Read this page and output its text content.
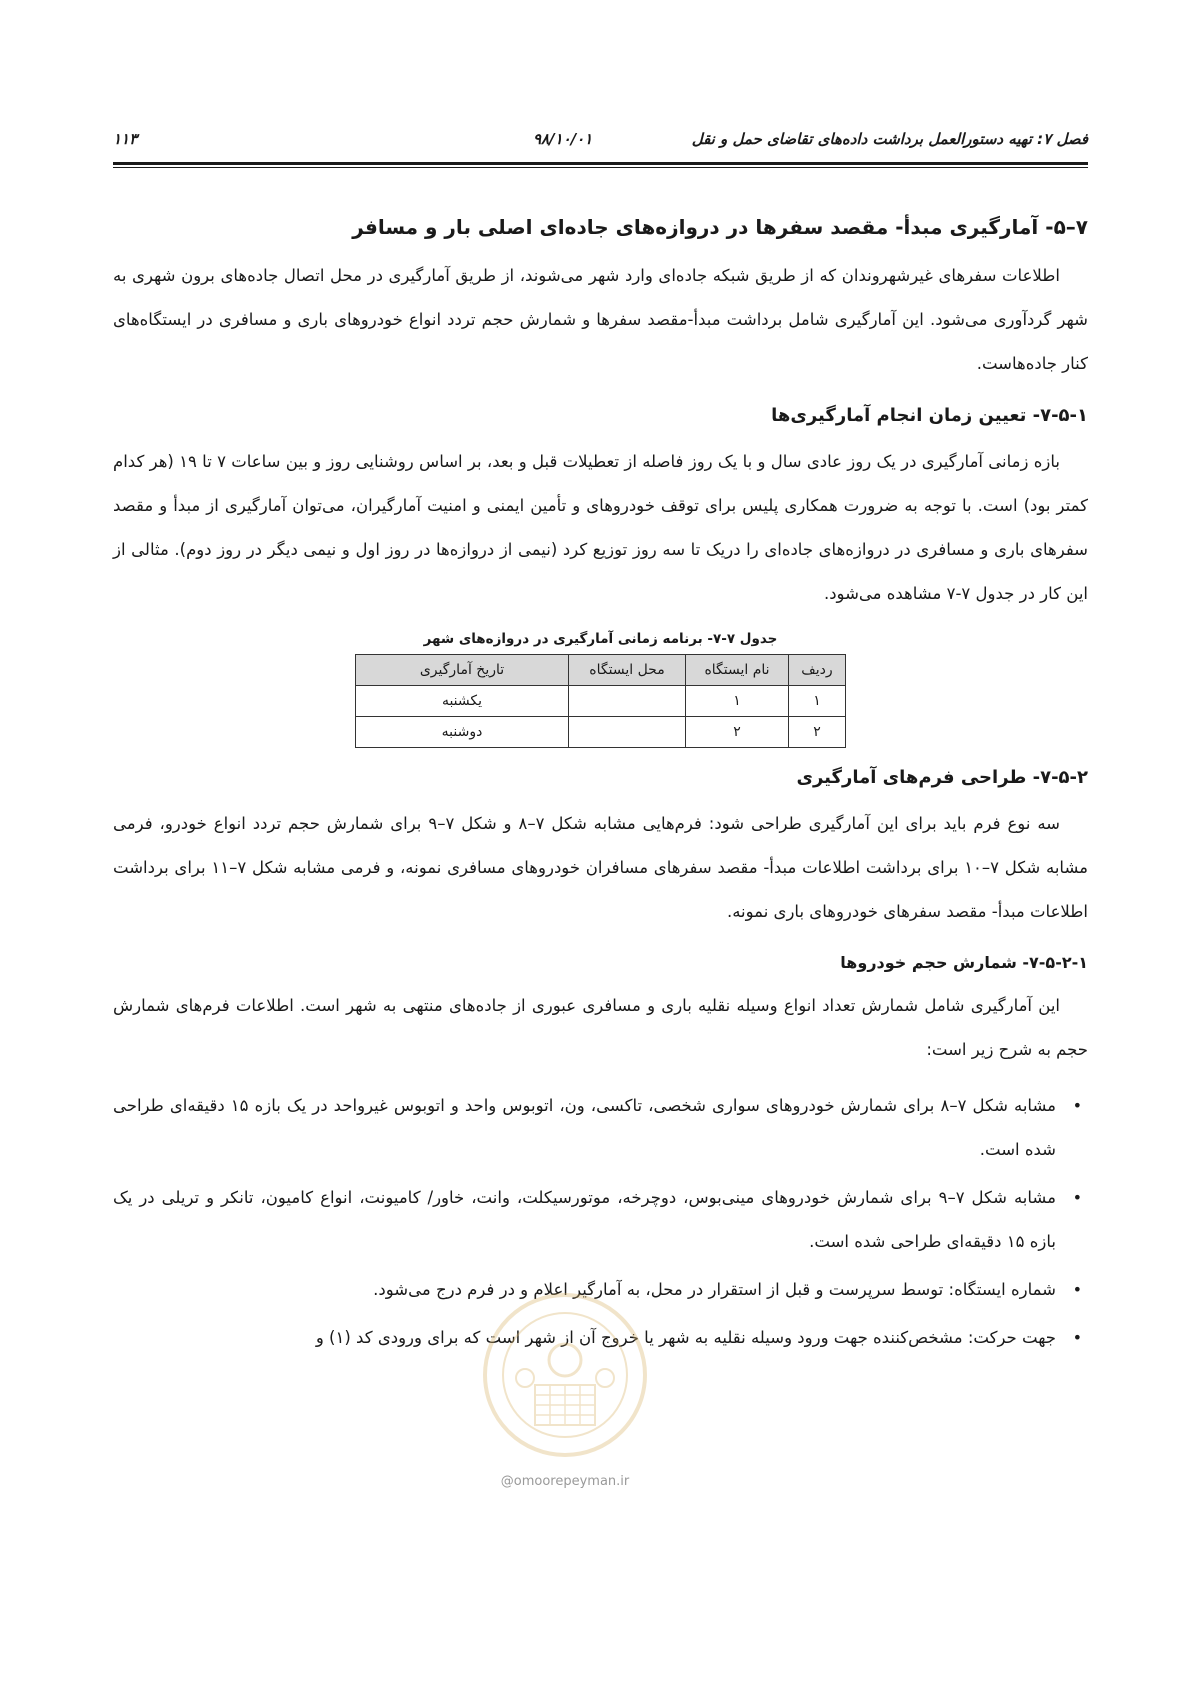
فصل ۷: تهیه دستورالعمل برداشت داده‌های تقاضای حمل و نقل
۹۸/۱۰/۰۱
۱۱۳
۷–۵- آمارگیری مبدأ- مقصد سفرها در دروازه‌های جاده‌ای اصلی بار و مسافر

اطلاعات سفرهای غیرشهروندان که از طریق شبکه جاده‌ای وارد شهر می‌شوند، از طریق آمارگیری در محل اتصال جاده‌های برون شهری به شهر گردآوری می‌شود. این آمارگیری شامل برداشت مبدأ-مقصد سفرها و شمارش حجم تردد انواع خودروهای باری و مسافری در ایستگاه‌های کنار جاده‌هاست.

۷-۵-۱- تعیین زمان انجام آمارگیری‌ها

بازه زمانی آمارگیری در یک روز عادی سال و با یک روز فاصله از تعطیلات قبل و بعد، بر اساس روشنایی روز و بین ساعات ۷ تا ۱۹ (هر کدام کمتر بود) است. با توجه به ضرورت همکاری پلیس برای توقف خودروهای و تأمین ایمنی و امنیت آمارگیران، می‌توان آمارگیری از مبدأ و مقصد سفرهای باری و مسافری در دروازه‌های جاده‌ای را دریک تا سه روز توزیع کرد (نیمی از دروازه‌ها در روز اول و نیمی دیگر در روز دوم). مثالی از این کار در جدول ۷-۷ مشاهده می‌شود.

جدول ۷-۷- برنامه زمانی آمارگیری در دروازه‌های شهر
ردیف	نام ایستگاه	محل ایستگاه	تاریخ آمارگیری
۱	۱		یکشنبه
۲	۲		دوشنبه
۷-۵-۲- طراحی فرم‌های آمارگیری

سه نوع فرم باید برای این آمارگیری طراحی شود: فرم‌هایی مشابه شکل ۷–۸ و شکل ۷–۹ برای شمارش حجم تردد انواع خودرو، فرمی مشابه شکل ۷–۱۰ برای برداشت اطلاعات مبدأ- مقصد سفرهای مسافران خودروهای مسافری نمونه، و فرمی مشابه شکل ۷–۱۱ برای برداشت اطلاعات مبدأ- مقصد سفرهای خودروهای باری نمونه.

۷-۵-۲-۱- شمارش حجم خودروها

این آمارگیری شامل شمارش تعداد انواع وسیله نقلیه باری و مسافری عبوری از جاده‌های منتهی به شهر است. اطلاعات فرم‌های شمارش حجم به شرح زیر است:

•
مشابه شکل ۷–۸ برای شمارش خودروهای سواری شخصی، تاکسی، ون، اتوبوس واحد و اتوبوس غیرواحد در یک بازه ۱۵ دقیقه‌ای طراحی شده است.
•
مشابه شکل ۷–۹ برای شمارش خودروهای مینی‌بوس، دوچرخه، موتورسیکلت، وانت، خاور/ کامیونت، انواع کامیون، تانکر و تریلی در یک بازه ۱۵ دقیقه‌ای طراحی شده است.
•
شماره ایستگاه: توسط سرپرست و قبل از استقرار در محل، به آمارگیر اعلام و در فرم درج می‌شود.
•
جهت حرکت: مشخص‌کننده جهت ورود وسیله نقلیه به شهر یا خروج آن از شهر است که برای ورودی کد (۱) و
@omoorepeyman.ir
